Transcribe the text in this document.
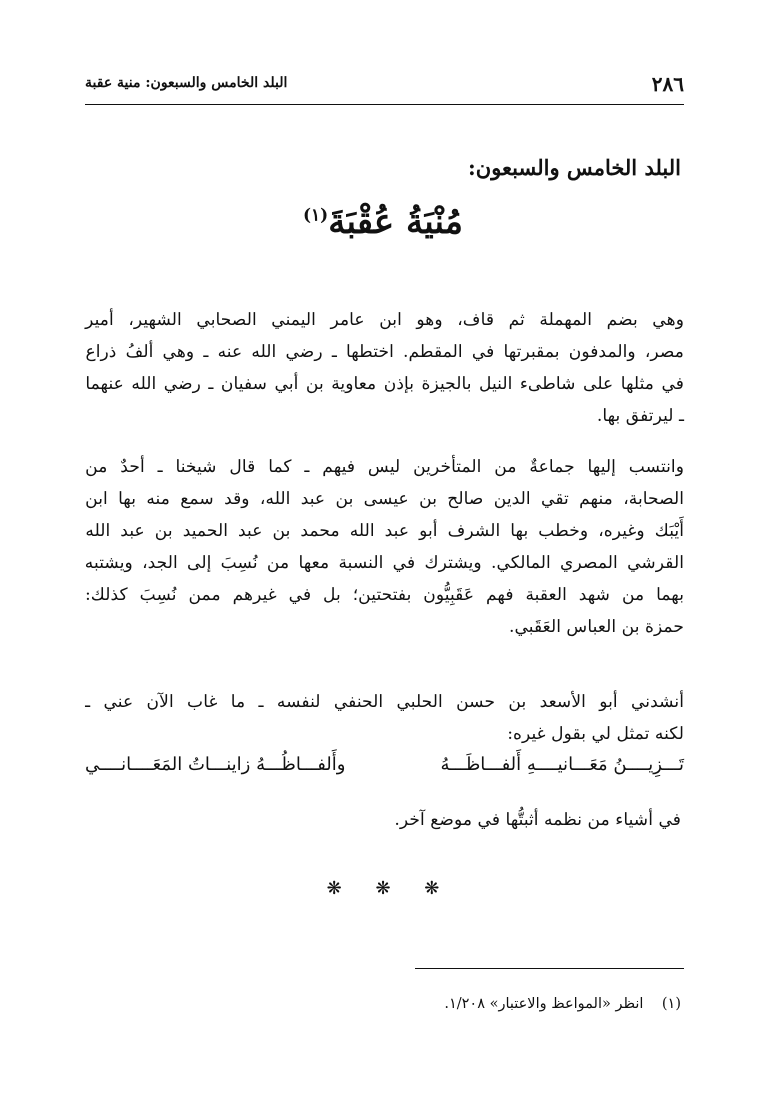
٢٨٦
البلد الخامس والسبعون: منية عقبة
البلد الخامس والسبعون:
مُنْيَةُ عُقْبَةَ$^{(١)}$
وهي بضم المهملة ثم قاف، وهو ابن عامر اليمني الصحابي الشهير، أمير
مصر، والمدفون بمقبرتها في المقطم. اختطها ـ رضي الله عنه ـ وهي ألفُ ذراع
في مثلها على شاطىء النيل بالجيزة بإذن معاوية بن أبي سفيان ـ رضي الله عنهما
ـ ليرتفق بها.
وانتسب إليها جماعةٌ من المتأخرين ليس فيهم ـ كما قال شيخنا ـ أحدٌ من
الصحابة، منهم تقي الدين صالح بن عيسى بن عبد الله، وقد سمع منه بها ابن
أَيْبَك وغيره، وخطب بها الشرف أبو عبد الله محمد بن عبد الحميد بن عبد الله
القرشي المصري المالكي. ويشترك في النسبة معها من نُسِبَ إلى الجد، ويشتبه
بهما من شهد العقبة فهم عَقَبِيُّون بفتحتين؛ بل في غيرهم ممن نُسِبَ كذلك:
حمزة بن العباس العَقَبي.
أنشدني أبو الأسعد بن حسن الحلبي الحنفي لنفسه ـ ما غاب الآن عني ـ
لكنه تمثل لي بقول غيره:
تَـــزِيــــنُ مَعَـــانيــــهِ أَلفـــاظَـــهُ
وأَلفـــاظُـــهُ زاينـــاتُ المَعَــــانــــي
في أشياء من نظمه أثبتُّها في موضع آخر.
❋ ❋ ❋
(١)    انظر «المواعظ والاعتبار» ١/٢٠٨.
